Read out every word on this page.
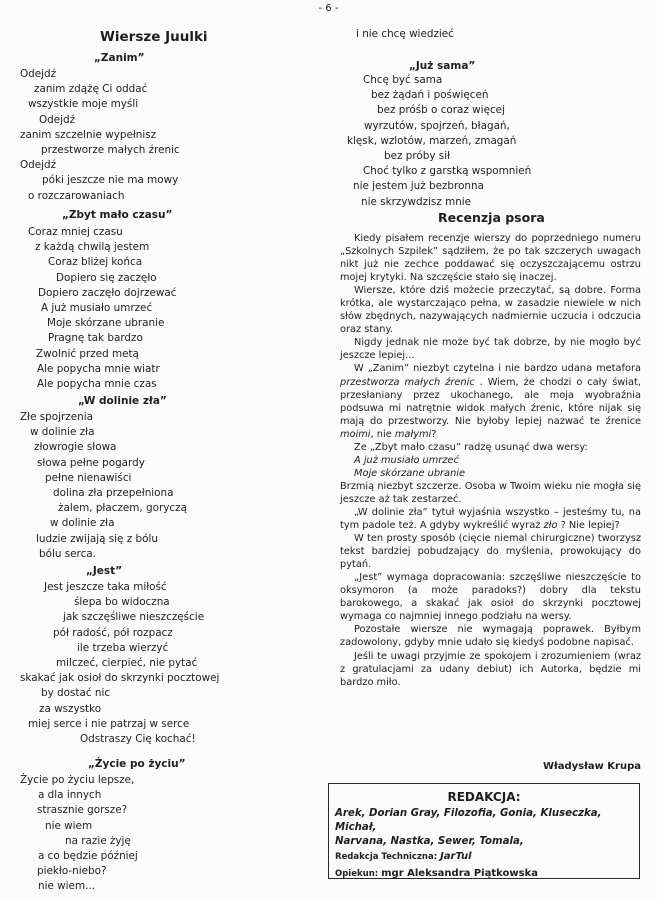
- 6 -
Wiersze Juulki
„Zanim”
Odejdź
zanim zdążę Ci oddać
wszystkie moje myśli
Odejdź
zanim szczelnie wypełnisz
przestworze małych źrenic
Odejdź
póki jeszcze nie ma mowy
o rozczarowaniach
„Zbyt mało czasu”
Coraz mniej czasu
z każdą chwilą jestem
Coraz bliżej końca
Dopiero się zaczęło
Dopiero zaczęło dojrzewać
A już musiało umrzeć
Moje skórzane ubranie
Pragnę tak bardzo
Zwolnić przed metą
Ale popycha mnie wiatr
Ale popycha mnie czas
„W dolinie zła”
Złe spojrzenia
w dolinie zła
złowrogie słowa
słowa pełne pogardy
pełne nienawiści
dolina zła przepełniona
żalem, płaczem, goryczą
w dolinie zła
ludzie zwijają się z bólu
bólu serca.
„Jest”
Jest jeszcze taka miłość
ślepa bo widoczna
jak szczęśliwe nieszczęście
pół radość, pół rozpacz
ile trzeba wierzyć
milczeć, cierpieć, nie pytać
skakać jak osioł do skrzynki pocztowej
by dostać nic
za wszystko
miej serce i nie patrzaj w serce
Odstraszy Cię kochać!
„Życie po życiu”
Życie po życiu lepsze,
a dla innych
strasznie gorsze?
nie wiem
na razie żyję
a co będzie później
piekło-niebo?
nie wiem...
i nie chcę wiedzieć
„Już sama”
Chcę być sama
bez żądań i poświęceń
bez próśb o coraz więcej
wyrzutów, spojrzeń, błagań,
klęsk, wzlotów, marzeń, zmagań
bez próby sił
Choć tylko z garstką wspomnień
nie jestem już bezbronna
nie skrzywdzisz mnie
Recenzja psora

Kiedy pisałem recenzje wierszy do poprzedniego numeru „Szkolnych Szpilek” sądziłem, że po tak szczerych uwagach nikt już nie zechce poddawać się oczyszczającemu ostrzu mojej krytyki. Na szczęście stało się inaczej.

Wiersze, które dziś możecie przeczytać, są dobre. Forma krótka, ale wystarczająco pełna, w zasadzie niewiele w nich słów zbędnych, nazywających nadmiernie uczucia i odczucia oraz stany.

Nigdy jednak nie może być tak dobrze, by nie mogło być jeszcze lepiej...

W „Zanim” niezbyt czytelna i nie bardzo udana metafora przestworza małych źrenic . Wiem, że chodzi o cały świat, przesłaniany przez ukochanego, ale moja wyobraźnia podsuwa mi natrętnie widok małych źrenic, które nijak się mają do przestworzy. Nie byłoby lepiej nazwać te źrenice moimi, nie małymi?

Ze „Zbyt mało czasu” radzę usunąć dwa wersy:

A już musiało umrzeć

Moje skórzane ubranie

Brzmią niezbyt szczerze. Osoba w Twoim wieku nie mogła się jeszcze aż tak zestarzeć.

„W dolinie zła” tytuł wyjaśnia wszystko – jesteśmy tu, na tym padole też. A gdyby wykreślić wyraz zło ? Nie lepiej?

W ten prosty sposób (cięcie niemal chirurgiczne) tworzysz tekst bardziej pobudzający do myślenia, prowokujący do pytań.

„Jest” wymaga dopracowania: szczęśliwe nieszczęście to oksymoron (a może paradoks?) dobry dla tekstu barokowego, a skakać jak osioł do skrzynki pocztowej wymaga co najmniej innego podziału na wersy.

Pozostałe wiersze nie wymagają poprawek. Byłbym zadowolony, gdyby mnie udało się kiedyś podobne napisać.

Jeśli te uwagi przyjmie ze spokojem i zrozumieniem (wraz z gratulacjami za udany debiut) ich Autorka, będzie mi bardzo miło.

Władysław Krupa
REDAKCJA:
Arek, Dorian Gray, Filozofia, Gonia, Kluseczka, Michał,
Narvana, Nastka, Sewer, Tomala,
Redakcja Techniczna: JarTul
Opiekun: mgr Aleksandra Piątkowska
